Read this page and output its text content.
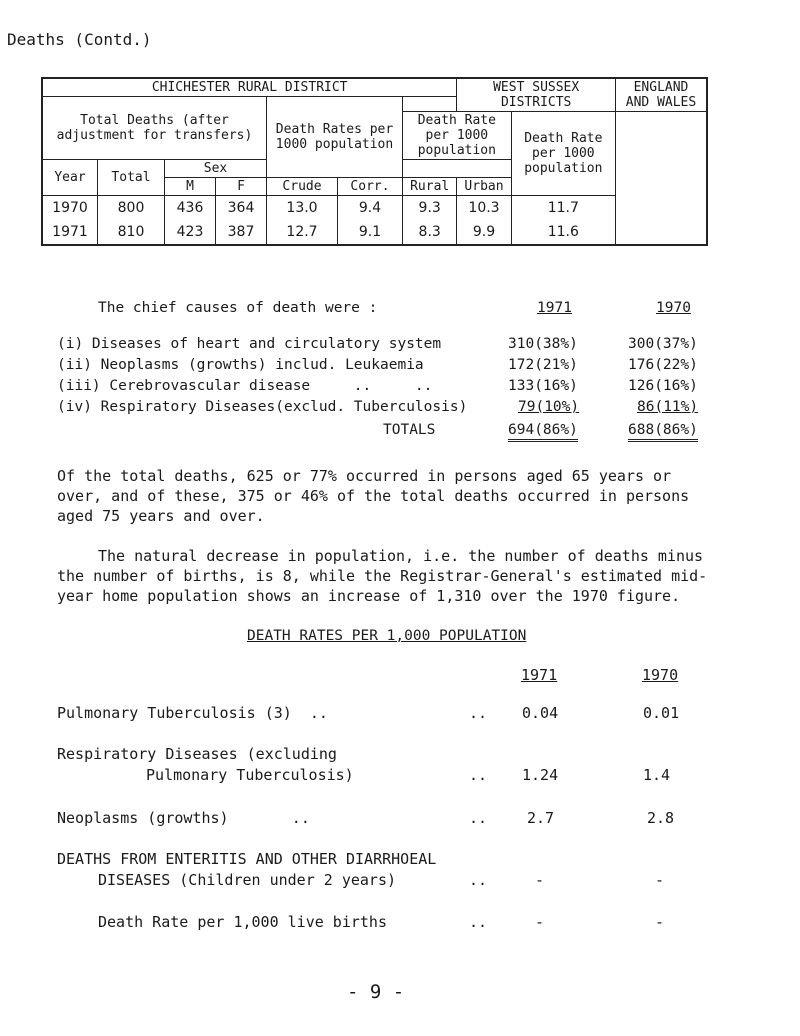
Deaths (Contd.)
CHICHESTER RURAL DISTRICT							WEST SUSSEX DISTRICTS		ENGLAND AND WALES
Total Deaths (after adjustment for transfers)				Death Rates per 1000 population					
						Death Rate per 1000 population		Death Rate per 1000 population	
Year	Total	Sex						
		M	F	Crude	Corr.	Rural	Urban		
1970	800	436	364	13.0	9.4	9.3	10.3	11.7	
1971	810	423	387	12.7	9.1	8.3	9.9	11.6	
The chief causes of death were :	1971	1970
(i) Diseases of heart and circulatory system	310(38%)	300(37%)
(ii) Neoplasms (growths) includ. Leukaemia	172(21%)	176(22%)
(iii) Cerebrovascular disease     ..     ..	133(16%)	126(16%)
(iv) Respiratory Diseases(exclud. Tuberculosis)	79(10%)	86(11%)
TOTALS	694(86%)	688(86%)
Of the total deaths, 625 or 77% occurred in persons aged 65 years or
over, and of these, 375 or 46% of the total deaths occurred in persons
aged 75 years and over.
The natural decrease in population, i.e. the number of deaths minus
the number of births, is 8, while the Registrar-General's estimated mid-
year home population shows an increase of 1,310 over the 1970 figure.
DEATH RATES PER 1,000 POPULATION
1971	1970
Pulmonary Tuberculosis (3)  ..	.. 0.04	0.01
Respiratory Diseases (excluding
Pulmonary Tuberculosis)	.. 1.24	1.4
Neoplasms (growths)       ..	..	2.7	2.8
DEATHS FROM ENTERITIS AND OTHER DIARRHOEAL
DISEASES (Children under 2 years)	..	-	-
Death Rate per 1,000 live births	..	-	-
- 9 -
